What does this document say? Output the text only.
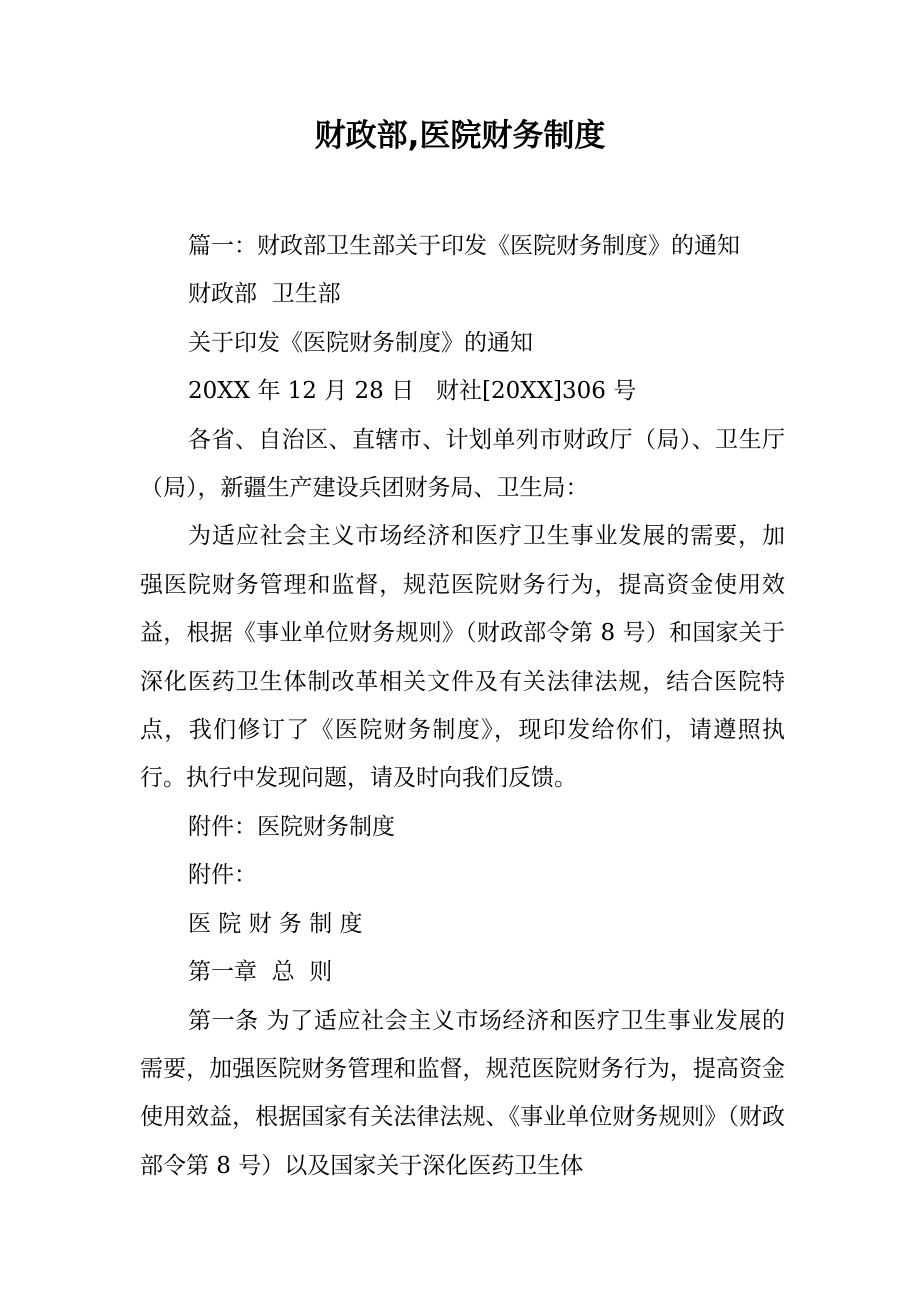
财政部,医院财务制度

篇一：财政部卫生部关于印发《医院财务制度》的通知

财政部  卫生部

关于印发《医院财务制度》的通知

20XX 年 12 月 28 日   财社[20XX]306 号

各省、自治区、直辖市、计划单列市财政厅（局）、卫生厅（局），新疆生产建设兵团财务局、卫生局：

为适应社会主义市场经济和医疗卫生事业发展的需要，加强医院财务管理和监督，规范医院财务行为，提高资金使用效益，根据《事业单位财务规则》（财政部令第 8 号）和国家关于深化医药卫生体制改革相关文件及有关法律法规，结合医院特点，我们修订了《医院财务制度》，现印发给你们，请遵照执行。执行中发现问题，请及时向我们反馈。

附件：医院财务制度

附件：

医 院 财 务 制 度

第一章  总  则

第一条 为了适应社会主义市场经济和医疗卫生事业发展的需要，加强医院财务管理和监督，规范医院财务行为，提高资金使用效益，根据国家有关法律法规、《事业单位财务规则》（财政部令第 8 号）以及国家关于深化医药卫生体
